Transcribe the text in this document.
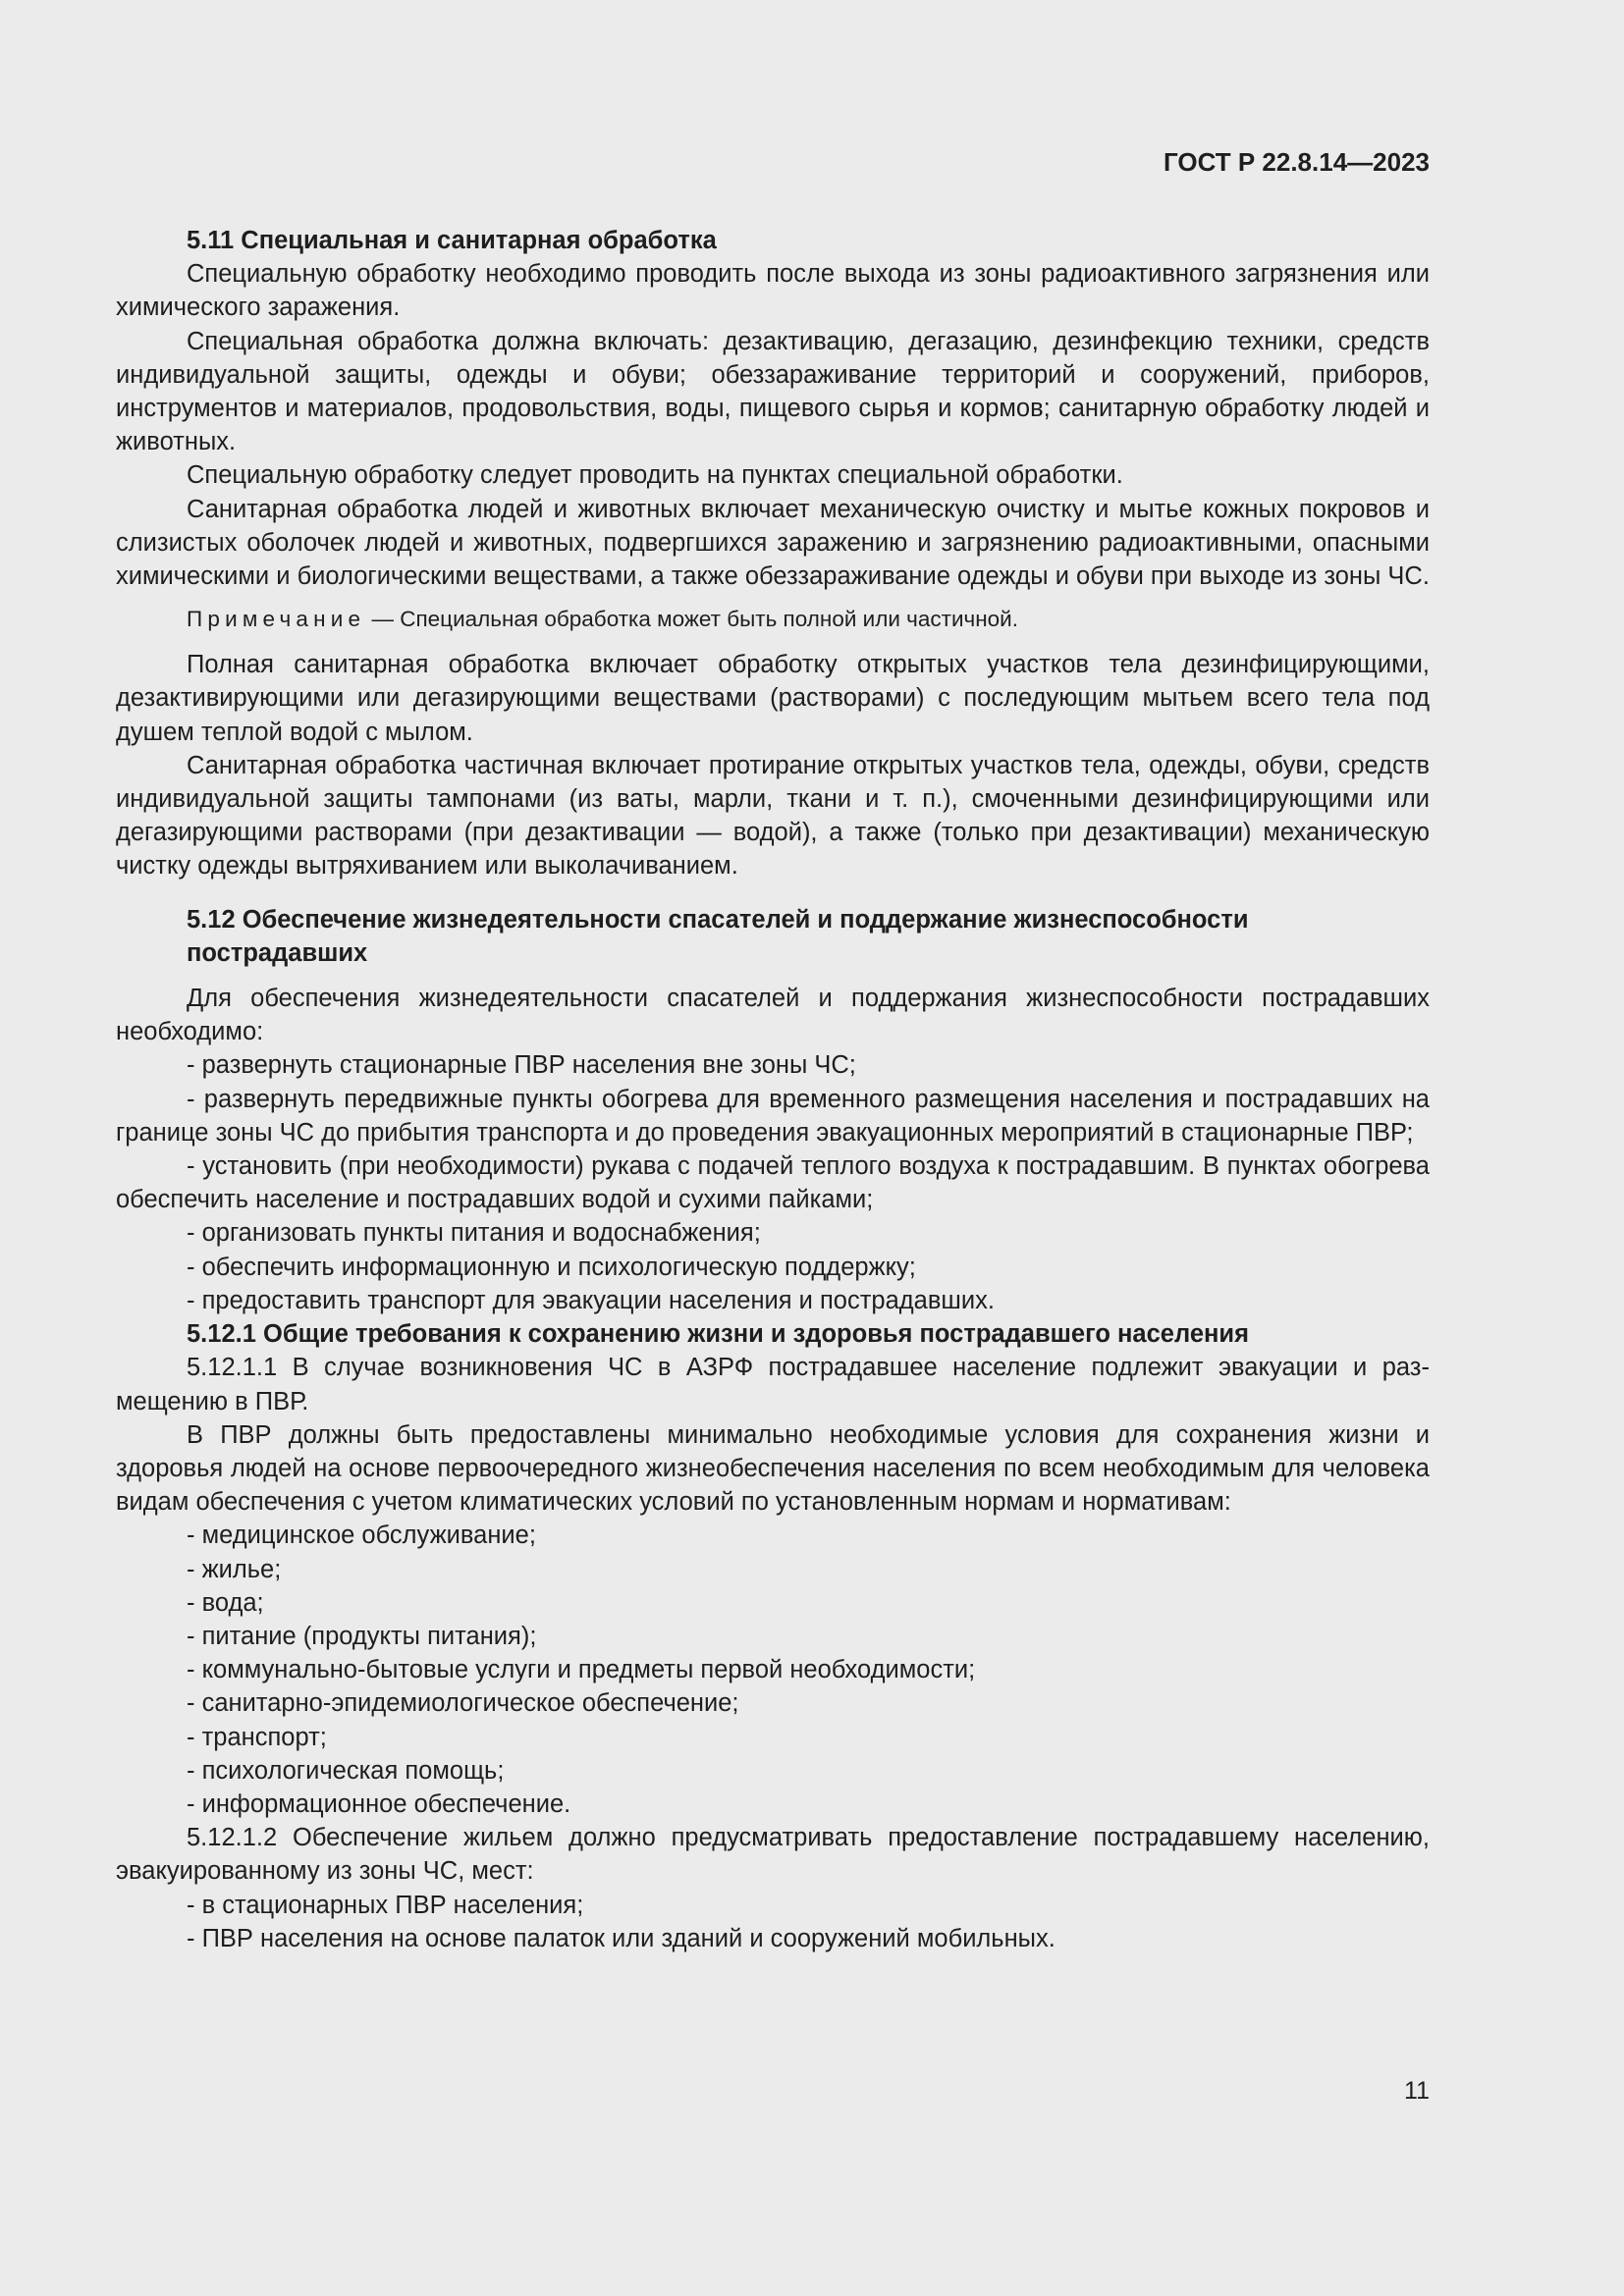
ГОСТ Р 22.8.14—2023

5.11 Специальная и санитарная обработка

Специальную обработку необходимо проводить после выхода из зоны радиоактивного загрязнения или химического заражения.

Специальная обработка должна включать: дезактивацию, дегазацию, дезинфекцию техники, средств индивидуальной защиты, одежды и обуви; обеззараживание территорий и сооружений, приборов, инструментов и материалов, продовольствия, воды, пищевого сырья и кормов; санитарную обработку людей и животных.

Специальную обработку следует проводить на пунктах специальной обработки.

Санитарная обработка людей и животных включает механическую очистку и мытье кожных покровов и слизистых оболочек людей и животных, подвергшихся заражению и загрязнению радиоактивными, опасными химическими и биологическими веществами, а также обеззараживание одежды и обуви при выходе из зоны ЧС.

Примечание — Специальная обработка может быть полной или частичной.

Полная санитарная обработка включает обработку открытых участков тела дезинфицирующими, дезактивирующими или дегазирующими веществами (растворами) с последующим мытьем всего тела под душем теплой водой с мылом.

Санитарная обработка частичная включает протирание открытых участков тела, одежды, обуви, средств индивидуальной защиты тампонами (из ваты, марли, ткани и т. п.), смоченными дезинфицирующими или дегазирующими растворами (при дезактивации — водой), а также (только при дезактивации) механическую чистку одежды вытряхиванием или выколачиванием.

5.12 Обеспечение жизнедеятельности спасателей и поддержание жизнеспособности пострадавших

Для обеспечения жизнедеятельности спасателей и поддержания жизнеспособности пострадавших необходимо:

- развернуть стационарные ПВР населения вне зоны ЧС;

- развернуть передвижные пункты обогрева для временного размещения населения и пострадавших на границе зоны ЧС до прибытия транспорта и до проведения эвакуационных мероприятий в стационарные ПВР;

- установить (при необходимости) рукава с подачей теплого воздуха к пострадавшим. В пунктах обогрева обеспечить население и пострадавших водой и сухими пайками;

- организовать пункты питания и водоснабжения;

- обеспечить информационную и психологическую поддержку;

- предоставить транспорт для эвакуации населения и пострадавших.

5.12.1 Общие требования к сохранению жизни и здоровья пострадавшего населения

5.12.1.1 В случае возникновения ЧС в АЗРФ пострадавшее население подлежит эвакуации и размещению в ПВР.

В ПВР должны быть предоставлены минимально необходимые условия для сохранения жизни и здоровья людей на основе первоочередного жизнеобеспечения населения по всем необходимым для человека видам обеспечения с учетом климатических условий по установленным нормам и нормативам:

- медицинское обслуживание;

- жилье;

- вода;

- питание (продукты питания);

- коммунально-бытовые услуги и предметы первой необходимости;

- санитарно-эпидемиологическое обеспечение;

- транспорт;

- психологическая помощь;

- информационное обеспечение.

5.12.1.2 Обеспечение жильем должно предусматривать предоставление пострадавшему населению, эвакуированному из зоны ЧС, мест:

- в стационарных ПВР населения;

- ПВР населения на основе палаток или зданий и сооружений мобильных.

11
